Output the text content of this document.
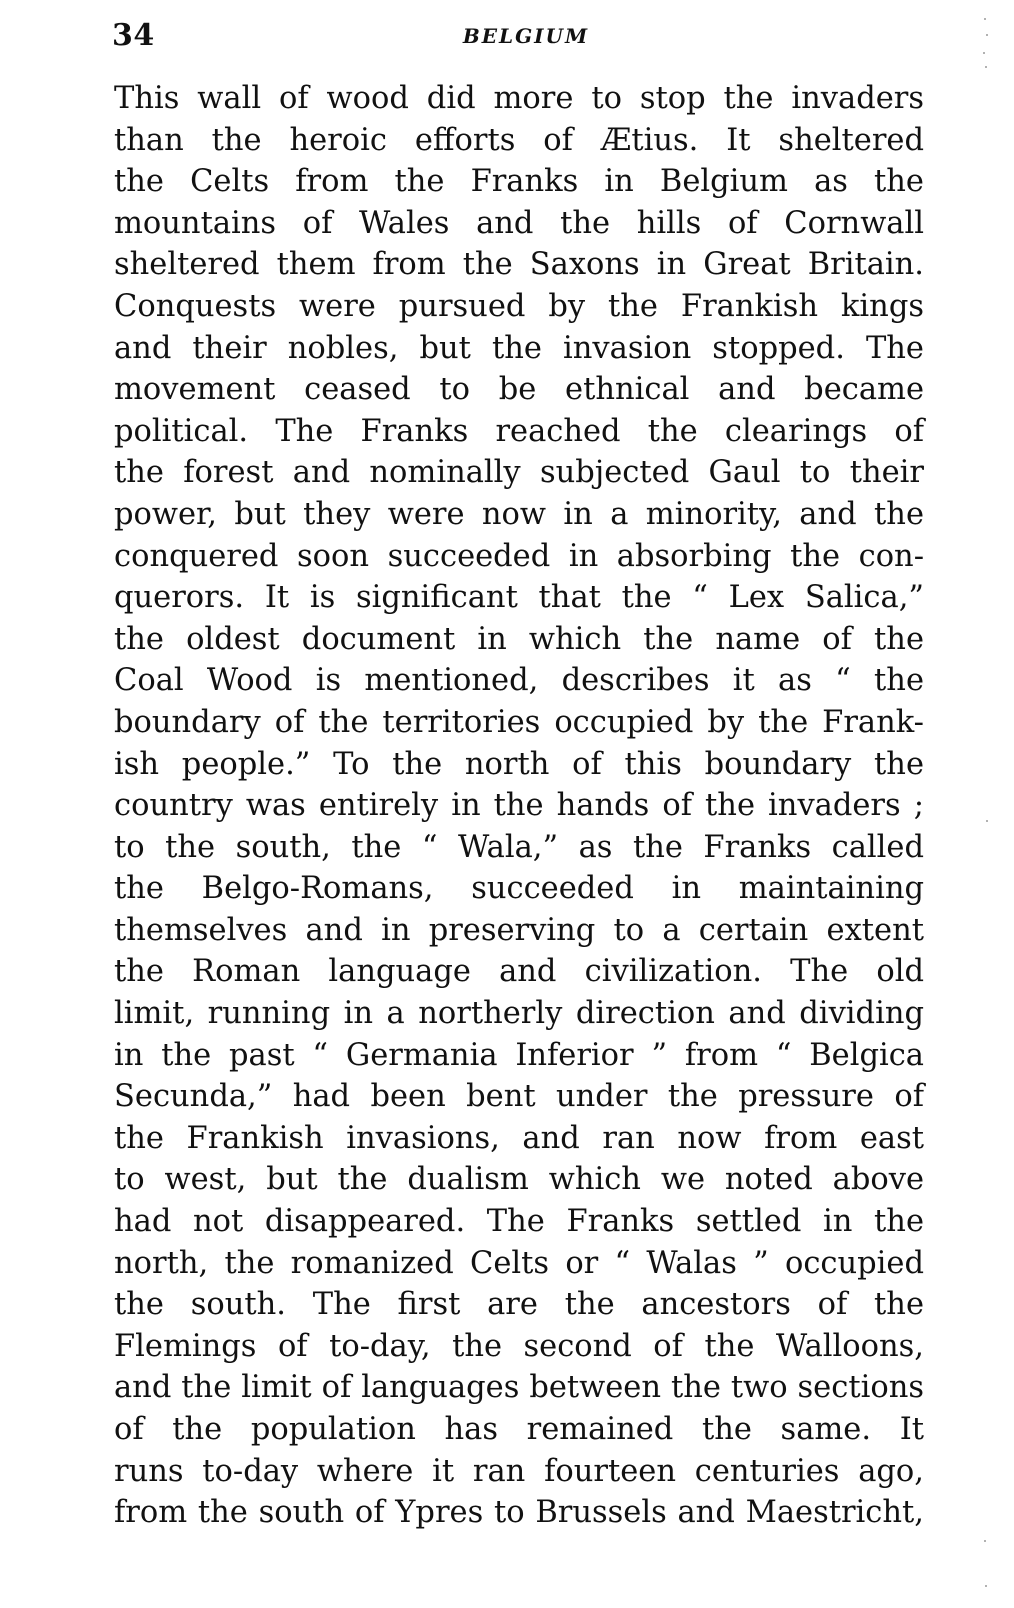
34	BELGIUM
This wall of wood did more to stop the invaders
than the heroic efforts of Ætius. It sheltered
the Celts from the Franks in Belgium as the
mountains of Wales and the hills of Cornwall
sheltered them from the Saxons in Great Britain.
Conquests were pursued by the Frankish kings
and their nobles, but the invasion stopped. The
movement ceased to be ethnical and became
political. The Franks reached the clearings of
the forest and nominally subjected Gaul to their
power, but they were now in a minority, and the
conquered soon succeeded in absorbing the con-
querors. It is significant that the “ Lex Salica,”
the oldest document in which the name of the
Coal Wood is mentioned, describes it as “ the
boundary of the territories occupied by the Frank-
ish people.” To the north of this boundary the
country was entirely in the hands of the invaders ;
to the south, the “ Wala,” as the Franks called
the Belgo-Romans, succeeded in maintaining
themselves and in preserving to a certain extent
the Roman language and civilization. The old
limit, running in a northerly direction and dividing
in the past “ Germania Inferior ” from “ Belgica
Secunda,” had been bent under the pressure of
the Frankish invasions, and ran now from east
to west, but the dualism which we noted above
had not disappeared. The Franks settled in the
north, the romanized Celts or “ Walas ” occupied
the south. The first are the ancestors of the
Flemings of to-day, the second of the Walloons,
and the limit of languages between the two sections
of the population has remained the same. It
runs to-day where it ran fourteen centuries ago,
from the south of Ypres to Brussels and Maestricht,
